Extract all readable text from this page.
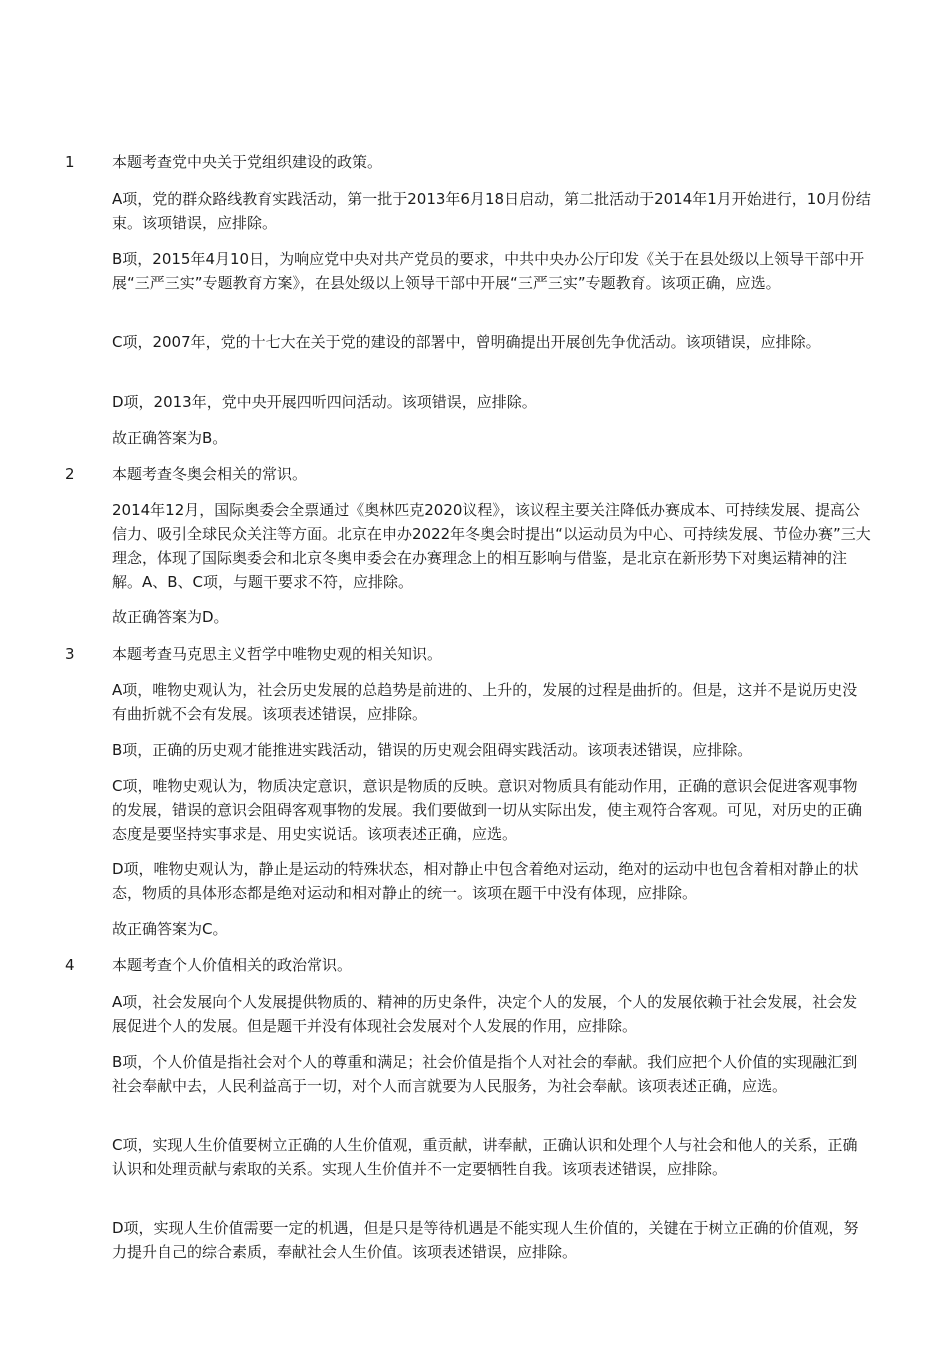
1	本题考查党中央关于党组织建设的政策。

A项，党的群众路线教育实践活动，第一批于2013年6月18日启动，第二批活动于2014年1月开始进行，10月份结束。该项错误，应排除。

B项，2015年4月10日，为响应党中央对共产党员的要求，中共中央办公厅印发《关于在县处级以上领导干部中开展“三严三实”专题教育方案》，在县处级以上领导干部中开展“三严三实”专题教育。该项正确，应选。

C项，2007年，党的十七大在关于党的建设的部署中，曾明确提出开展创先争优活动。该项错误，应排除。

D项，2013年，党中央开展四听四问活动。该项错误，应排除。

故正确答案为B。

2	本题考查冬奥会相关的常识。

2014年12月，国际奥委会全票通过《奥林匹克2020议程》，该议程主要关注降低办赛成本、可持续发展、提高公信力、吸引全球民众关注等方面。北京在申办2022年冬奥会时提出“以运动员为中心、可持续发展、节俭办赛”三大理念，体现了国际奥委会和北京冬奥申委会在办赛理念上的相互影响与借鉴，是北京在新形势下对奥运精神的注解。A、B、C项，与题干要求不符，应排除。

故正确答案为D。

3	本题考查马克思主义哲学中唯物史观的相关知识。

A项，唯物史观认为，社会历史发展的总趋势是前进的、上升的，发展的过程是曲折的。但是，这并不是说历史没有曲折就不会有发展。该项表述错误，应排除。

B项，正确的历史观才能推进实践活动，错误的历史观会阻碍实践活动。该项表述错误，应排除。

C项，唯物史观认为，物质决定意识，意识是物质的反映。意识对物质具有能动作用，正确的意识会促进客观事物的发展，错误的意识会阻碍客观事物的发展。我们要做到一切从实际出发，使主观符合客观。可见，对历史的正确态度是要坚持实事求是、用史实说话。该项表述正确，应选。

D项，唯物史观认为，静止是运动的特殊状态，相对静止中包含着绝对运动，绝对的运动中也包含着相对静止的状态，物质的具体形态都是绝对运动和相对静止的统一。该项在题干中没有体现，应排除。

故正确答案为C。

4	本题考查个人价值相关的政治常识。

A项，社会发展向个人发展提供物质的、精神的历史条件，决定个人的发展，个人的发展依赖于社会发展，社会发展促进个人的发展。但是题干并没有体现社会发展对个人发展的作用，应排除。

B项，个人价值是指社会对个人的尊重和满足；社会价值是指个人对社会的奉献。我们应把个人价值的实现融汇到社会奉献中去，人民利益高于一切，对个人而言就要为人民服务，为社会奉献。该项表述正确，应选。

C项，实现人生价值要树立正确的人生价值观，重贡献，讲奉献，正确认识和处理个人与社会和他人的关系，正确认识和处理贡献与索取的关系。实现人生价值并不一定要牺牲自我。该项表述错误，应排除。

D项，实现人生价值需要一定的机遇，但是只是等待机遇是不能实现人生价值的，关键在于树立正确的价值观，努力提升自己的综合素质，奉献社会人生价值。该项表述错误，应排除。
